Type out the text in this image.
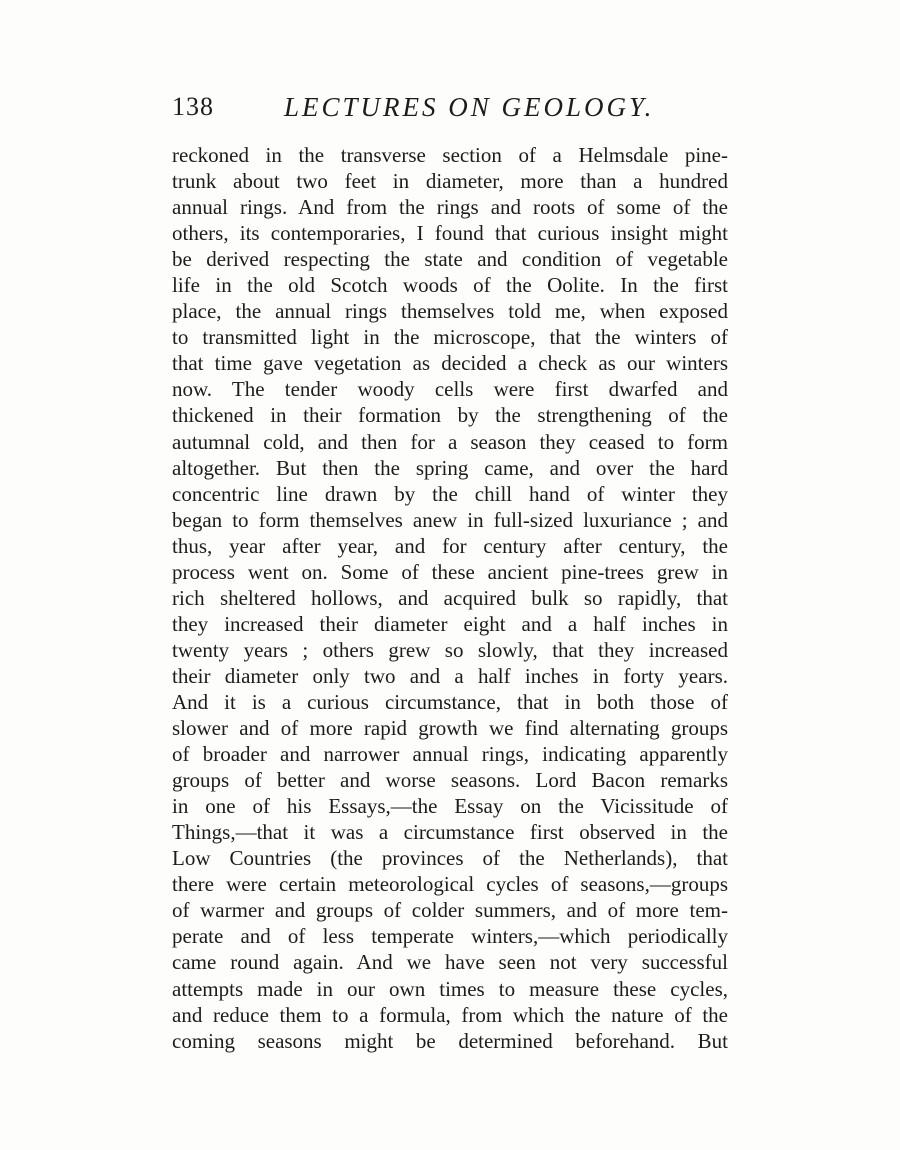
138	LECTURES ON GEOLOGY.
reckoned in the transverse section of a Helmsdale pine-
trunk about two feet in diameter, more than a hundred
annual rings. And from the rings and roots of some of the
others, its contemporaries, I found that curious insight might
be derived respecting the state and condition of vegetable
life in the old Scotch woods of the Oolite. In the first
place, the annual rings themselves told me, when exposed
to transmitted light in the microscope, that the winters of
that time gave vegetation as decided a check as our winters
now. The tender woody cells were first dwarfed and
thickened in their formation by the strengthening of the
autumnal cold, and then for a season they ceased to form
altogether. But then the spring came, and over the hard
concentric line drawn by the chill hand of winter they
began to form themselves anew in full-sized luxuriance ; and
thus, year after year, and for century after century, the
process went on. Some of these ancient pine-trees grew in
rich sheltered hollows, and acquired bulk so rapidly, that
they increased their diameter eight and a half inches in
twenty years ; others grew so slowly, that they increased
their diameter only two and a half inches in forty years.
And it is a curious circumstance, that in both those of
slower and of more rapid growth we find alternating groups
of broader and narrower annual rings, indicating apparently
groups of better and worse seasons. Lord Bacon remarks
in one of his Essays,—the Essay on the Vicissitude of
Things,—that it was a circumstance first observed in the
Low Countries (the provinces of the Netherlands), that
there were certain meteorological cycles of seasons,—groups
of warmer and groups of colder summers, and of more tem-
perate and of less temperate winters,—which periodically
came round again. And we have seen not very successful
attempts made in our own times to measure these cycles,
and reduce them to a formula, from which the nature of the
coming seasons might be determined beforehand. But
